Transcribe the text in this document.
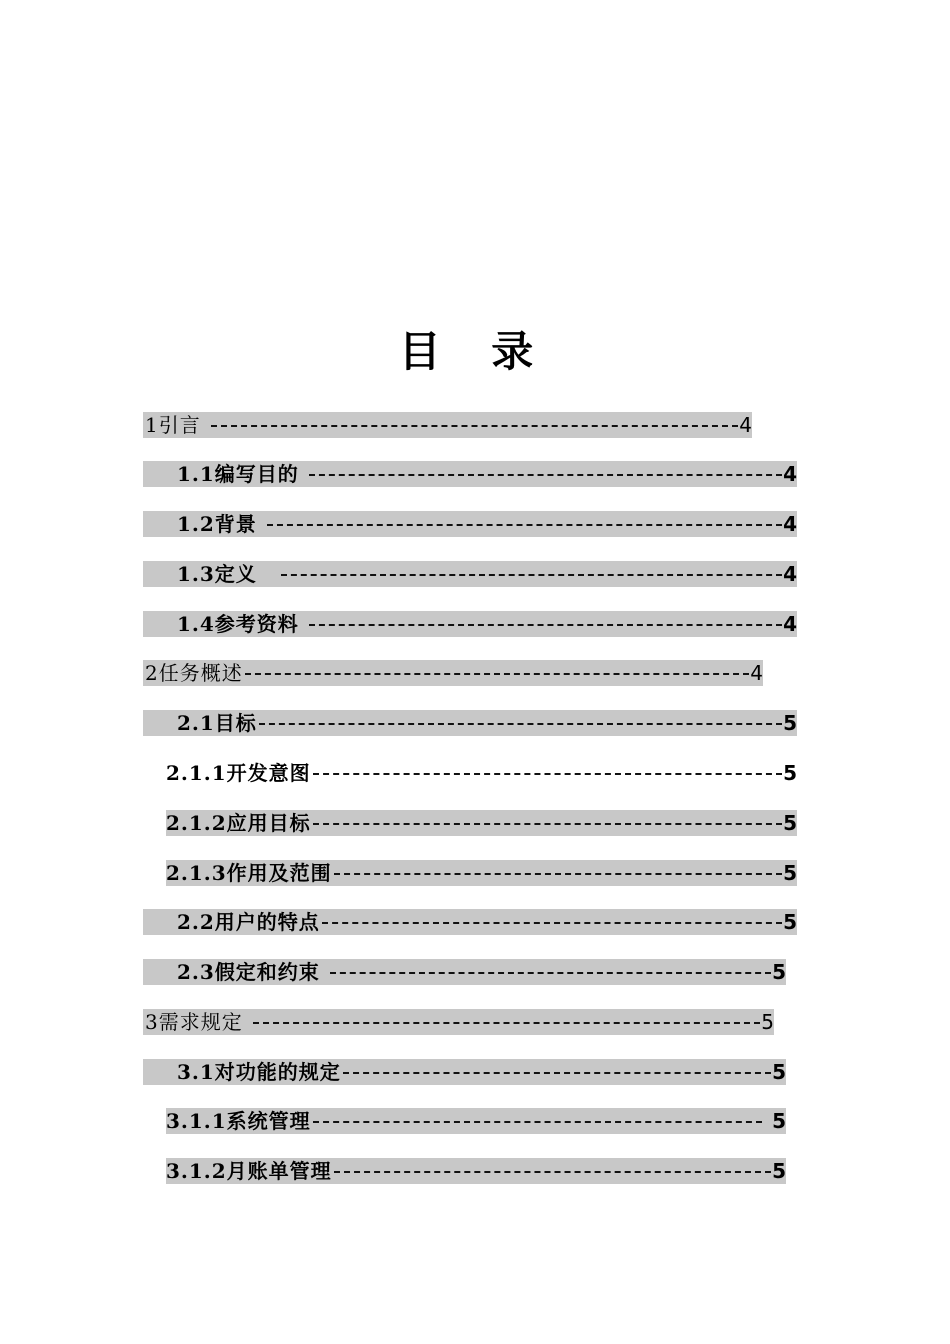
目 录
1引言	4
1.1编写目的	4
1.2背景	4
1.3定义	4
1.4参考资料	4
2任务概述	4
2.1目标	5
2.1.1开发意图	5
2.1.2应用目标	5
2.1.3作用及范围	5
2.2用户的特点	5
2.3假定和约束	5
3需求规定	5
3.1对功能的规定	5
3.1.1系统管理	5
3.1.2月账单管理	5
